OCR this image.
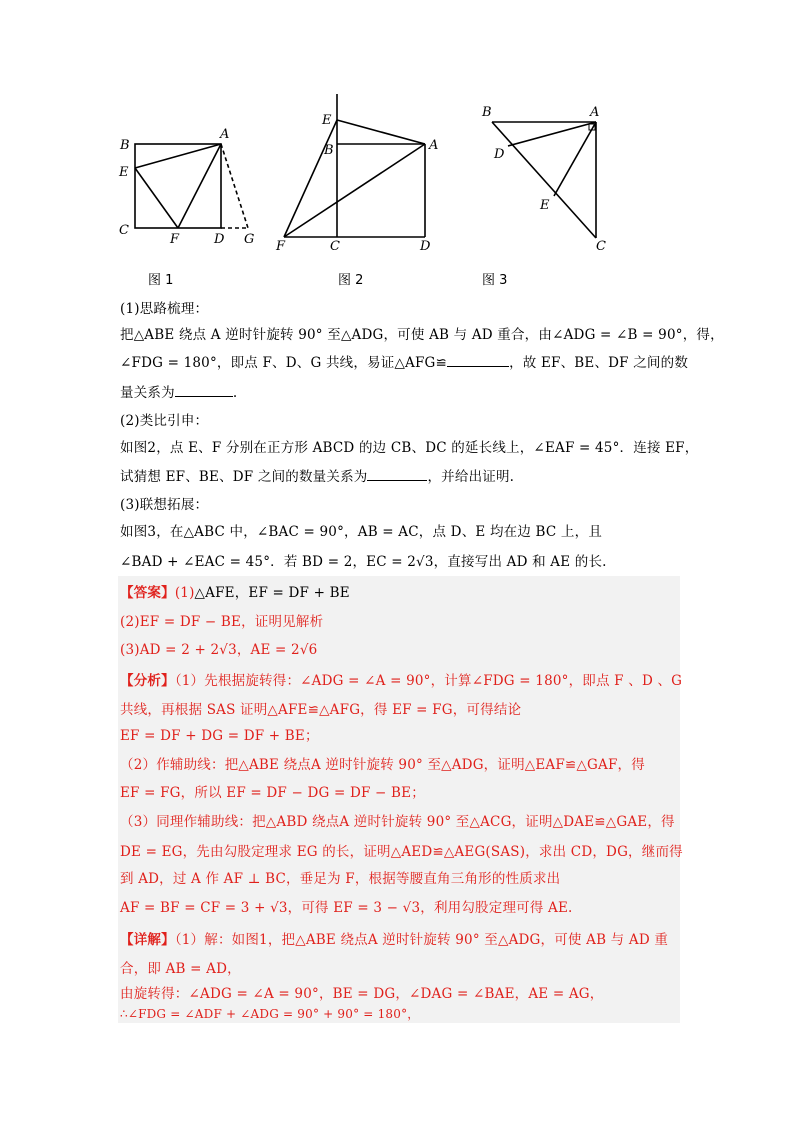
B
A
E
C
F	D G
图 1
E
B	A
F	C	D
图 2
B	A
D
E
C
图 3
(1)思路梳理：
把△ABE 绕点 A 逆时针旋转 90° 至△ADG，可使 AB 与 AD 重合，由∠ADG = ∠B = 90°，得，
∠FDG = 180°，即点 F、D、G 共线，易证△AFG≌	，故 EF、BE、DF 之间的数
量关系为	.
(2)类比引申：
如图2，点 E、F 分别在正方形 ABCD 的边 CB、DC 的延长线上，∠EAF = 45°．连接 EF，
试猜想 EF、BE、DF 之间的数量关系为	，并给出证明.
(3)联想拓展：
如图3，在△ABC 中，∠BAC = 90°，AB = AC，点 D、E 均在边 BC 上，且
∠BAD + ∠EAC = 45°．若 BD = 2，EC = 2√3，直接写出 AD 和 AE 的长.
【答案】(1)△AFE，EF = DF + BE
(2)EF = DF − BE，证明见解析
(3)AD = 2 + 2√3，AE = 2√6
【分析】（1）先根据旋转得：∠ADG = ∠A = 90°，计算∠FDG = 180°，即点 F 、D 、G
共线，再根据 SAS 证明△AFE≌△AFG，得 EF = FG，可得结论
EF = DF + DG = DF + BE；
（2）作辅助线：把△ABE 绕点A 逆时针旋转 90° 至△ADG，证明△EAF≌△GAF，得
EF = FG，所以 EF = DF − DG = DF − BE；
（3）同理作辅助线：把△ABD 绕点A 逆时针旋转 90° 至△ACG，证明△DAE≌△GAE，得
DE = EG，先由勾股定理求 EG 的长，证明△AED≌△AEG(SAS)，求出 CD，DG，继而得
到 AD，过 A 作 AF ⊥ BC，垂足为 F，根据等腰直角三角形的性质求出
AF = BF = CF = 3 + √3，可得 EF = 3 − √3，利用勾股定理可得 AE.
【详解】（1）解：如图1，把△ABE 绕点A 逆时针旋转 90° 至△ADG，可使 AB 与 AD 重
合，即 AB = AD，
由旋转得：∠ADG = ∠A = 90°，BE = DG，∠DAG = ∠BAE，AE = AG，
∴∠FDG = ∠ADF + ∠ADG = 90° + 90° = 180°，
